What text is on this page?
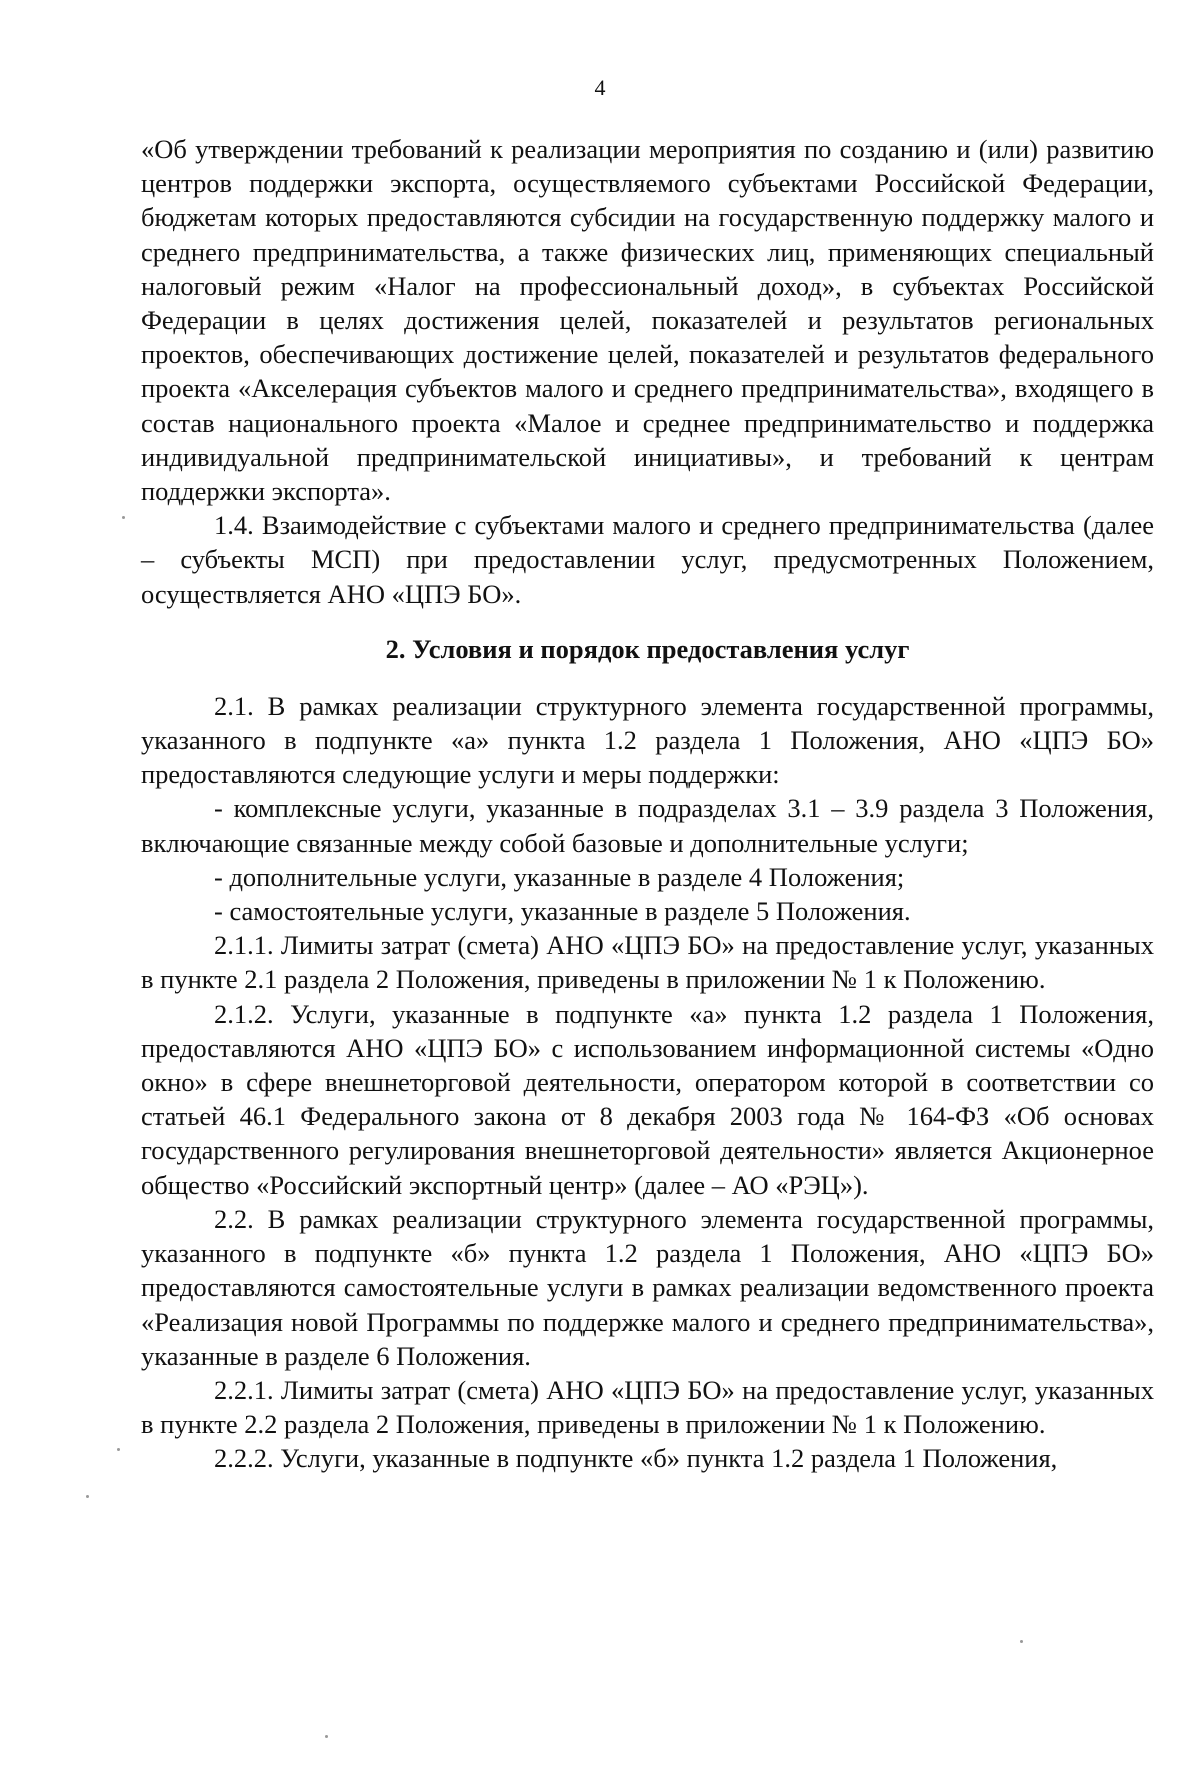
4

«Об утверждении требований к реализации мероприятия по созданию и (или) развитию центров поддержки экспорта, осуществляемого субъектами Российской Федерации, бюджетам которых предоставляются субсидии на государственную поддержку малого и среднего предпринимательства, а также физических лиц, применяющих специальный налоговый режим «Налог на профессиональный доход», в субъектах Российской Федерации в целях достижения целей, показателей и результатов региональных проектов, обеспечивающих достижение целей, показателей и результатов федерального проекта «Акселерация субъектов малого и среднего предпринимательства», входящего в состав национального проекта «Малое и среднее предпринимательство и поддержка индивидуальной предпринимательской инициативы», и требований к центрам поддержки экспорта».

1.4. Взаимодействие с субъектами малого и среднего предпринимательства (далее – субъекты МСП) при предоставлении услуг, предусмотренных Положением, осуществляется АНО «ЦПЭ БО».

2. Условия и порядок предоставления услуг

2.1. В рамках реализации структурного элемента государственной программы, указанного в подпункте «а» пункта 1.2 раздела 1 Положения, АНО «ЦПЭ БО» предоставляются следующие услуги и меры поддержки:

- комплексные услуги, указанные в подразделах 3.1 – 3.9 раздела 3 Положения, включающие связанные между собой базовые и дополнительные услуги;

- дополнительные услуги, указанные в разделе 4 Положения;

- самостоятельные услуги, указанные в разделе 5 Положения.

2.1.1. Лимиты затрат (смета) АНО «ЦПЭ БО» на предоставление услуг, указанных в пункте 2.1 раздела 2 Положения, приведены в приложении № 1 к Положению.

2.1.2. Услуги, указанные в подпункте «а» пункта 1.2 раздела 1 Положения, предоставляются АНО «ЦПЭ БО» с использованием информационной системы «Одно окно» в сфере внешнеторговой деятельности, оператором которой в соответствии со статьей 46.1 Федерального закона от 8 декабря 2003 года № 164-ФЗ «Об основах государственного регулирования внешнеторговой деятельности» является Акционерное общество «Российский экспортный центр» (далее – АО «РЭЦ»).

2.2. В рамках реализации структурного элемента государственной программы, указанного в подпункте «б» пункта 1.2 раздела 1 Положения, АНО «ЦПЭ БО» предоставляются самостоятельные услуги в рамках реализации ведомственного проекта «Реализация новой Программы по поддержке малого и среднего предпринимательства», указанные в разделе 6 Положения.

2.2.1. Лимиты затрат (смета) АНО «ЦПЭ БО» на предоставление услуг, указанных в пункте 2.2 раздела 2 Положения, приведены в приложении № 1 к Положению.

2.2.2. Услуги, указанные в подпункте «б» пункта 1.2 раздела 1 Положения,
